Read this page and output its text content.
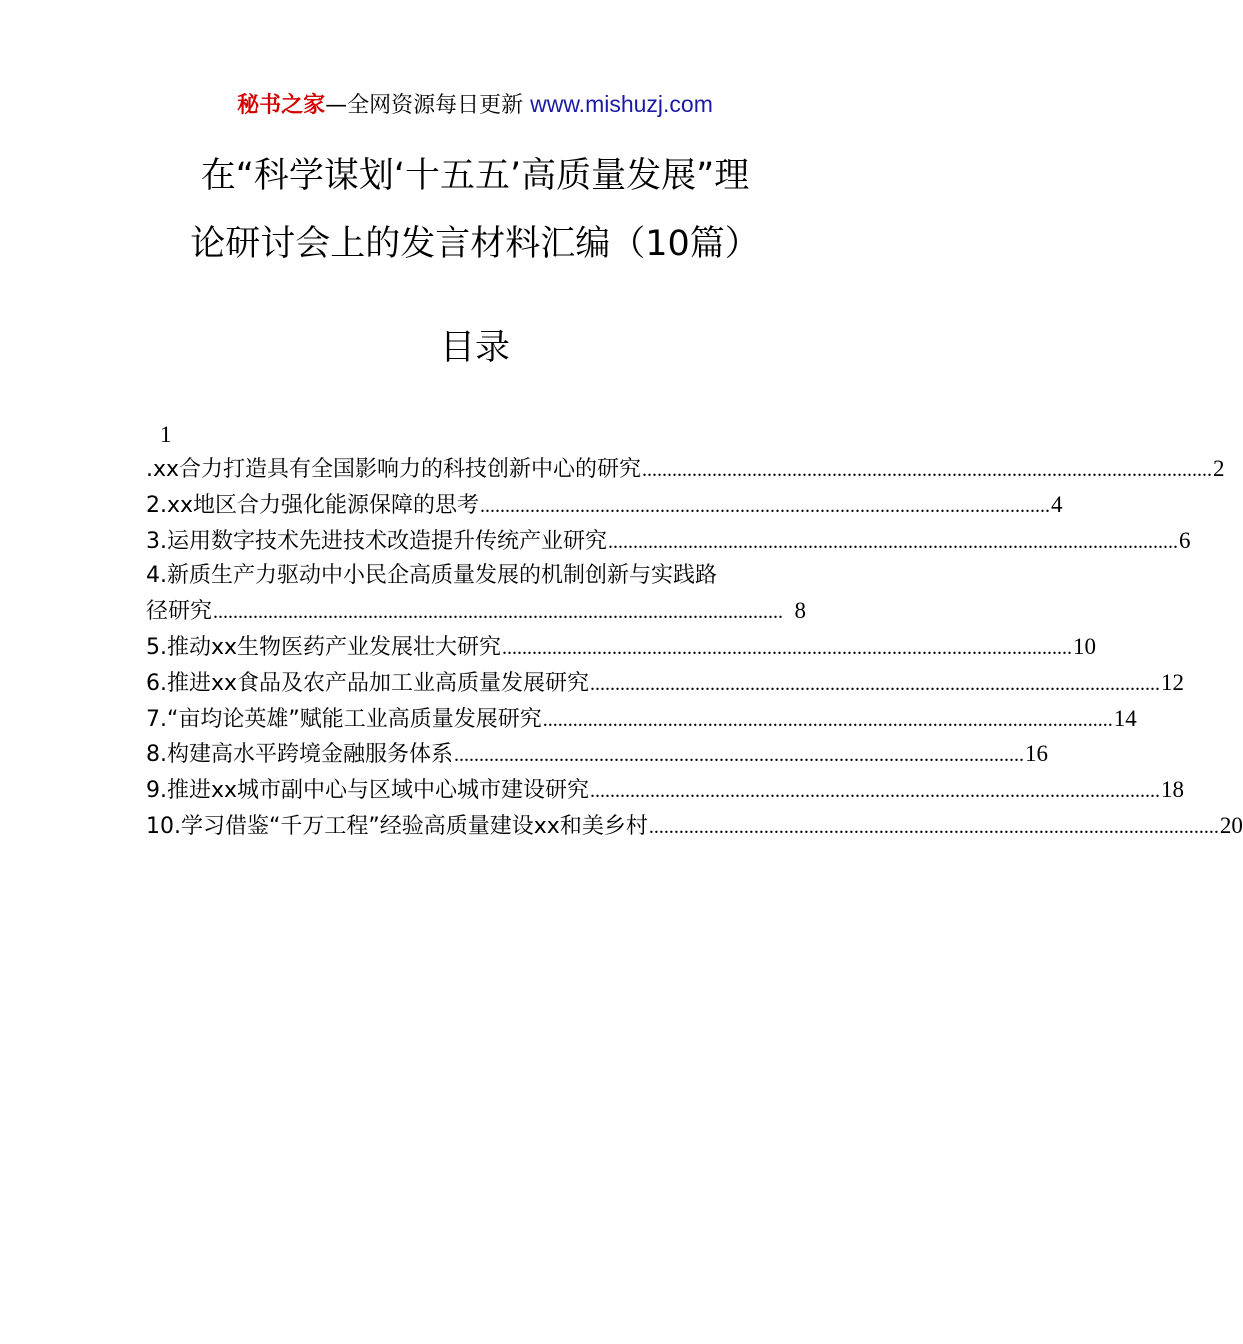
秘书之家—全网资源每日更新 www.mishuzj.com
在“科学谋划‘十五五’高质量发展”理
论研讨会上的发言材料汇编（10篇）
目录
1
.xx合力打造具有全国影响力的科技创新中心的研究 .................................................................................................................. 2
2.xx地区合力强化能源保障的思考 .................................................................................................................. 4
3.运用数字技术先进技术改造提升传统产业研究 .................................................................................................................. 6
4.新质生产力驱动中小民企高质量发展的机制创新与实践路
径研究 .................................................................................................................. 8
5.推动xx生物医药产业发展壮大研究 .................................................................................................................. 10
6.推进xx食品及农产品加工业高质量发展研究 .................................................................................................................. 12
7.“亩均论英雄”赋能工业高质量发展研究 .................................................................................................................. 14
8.构建高水平跨境金融服务体系 .................................................................................................................. 16
9.推进xx城市副中心与区域中心城市建设研究 .................................................................................................................. 18
10.学习借鉴“千万工程”经验高质量建设xx和美乡村 .................................................................................................................. 20
